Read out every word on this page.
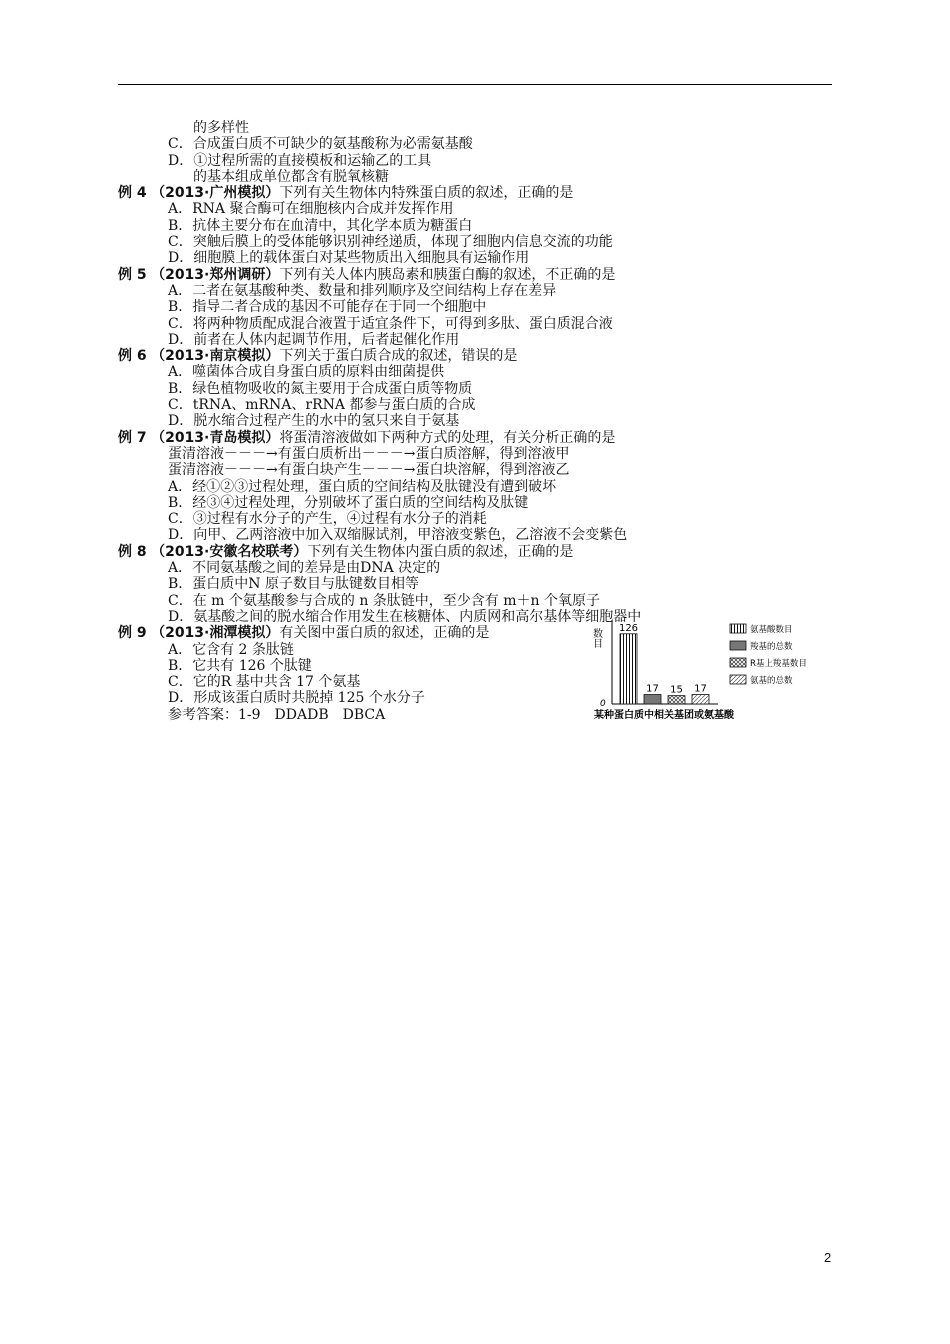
的多样性
C．合成蛋白质不可缺少的氨基酸称为必需氨基酸
D．①过程所需的直接模板和运输乙的工具
的基本组成单位都含有脱氧核糖
例 4 （2013·广州模拟）下列有关生物体内特殊蛋白质的叙述，正确的是
A．RNA 聚合酶可在细胞核内合成并发挥作用
B．抗体主要分布在血清中，其化学本质为糖蛋白
C．突触后膜上的受体能够识别神经递质，体现了细胞内信息交流的功能
D．细胞膜上的载体蛋白对某些物质出入细胞具有运输作用
例 5 （2013·郑州调研）下列有关人体内胰岛素和胰蛋白酶的叙述，不正确的是
A．二者在氨基酸种类、数量和排列顺序及空间结构上存在差异
B．指导二者合成的基因不可能存在于同一个细胞中
C．将两种物质配成混合液置于适宜条件下，可得到多肽、蛋白质混合液
D．前者在人体内起调节作用，后者起催化作用
例 6 （2013·南京模拟）下列关于蛋白质合成的叙述，错误的是
A．噬菌体合成自身蛋白质的原料由细菌提供
B．绿色植物吸收的氮主要用于合成蛋白质等物质
C．tRNA、mRNA、rRNA 都参与蛋白质的合成
D．脱水缩合过程产生的水中的氢只来自于氨基
例 7 （2013·青岛模拟）将蛋清溶液做如下两种方式的处理，有关分析正确的是
蛋清溶液－－－→有蛋白质析出－－－→蛋白质溶解，得到溶液甲
蛋清溶液－－－→有蛋白块产生－－－→蛋白块溶解，得到溶液乙
A．经①②③过程处理，蛋白质的空间结构及肽键没有遭到破坏
B．经③④过程处理，分别破坏了蛋白质的空间结构及肽键
C．③过程有水分子的产生，④过程有水分子的消耗
D．向甲、乙两溶液中加入双缩脲试剂，甲溶液变紫色，乙溶液不会变紫色
例 8 （2013·安徽名校联考）下列有关生物体内蛋白质的叙述，正确的是
A．不同氨基酸之间的差异是由DNA 决定的
B．蛋白质中N 原子数目与肽键数目相等
C．在 m 个氨基酸参与合成的 n 条肽链中，至少含有 m＋n 个氧原子
D．氨基酸之间的脱水缩合作用发生在核糖体、内质网和高尔基体等细胞器中
例 9 （2013·湘潭模拟）有关图中蛋白质的叙述，正确的是
A．它含有 2 条肽链
B．它共有 126 个肽键
C．它的R 基中共含 17 个氨基
D．形成该蛋白质时共脱掉 125 个水分子
参考答案：1-9　DDADB　DBCA
数目
0
126
17 15 17
氨基酸数目
羧基的总数
R基上羧基数目
氨基的总数
某种蛋白质中相关基团或氨基酸
2
